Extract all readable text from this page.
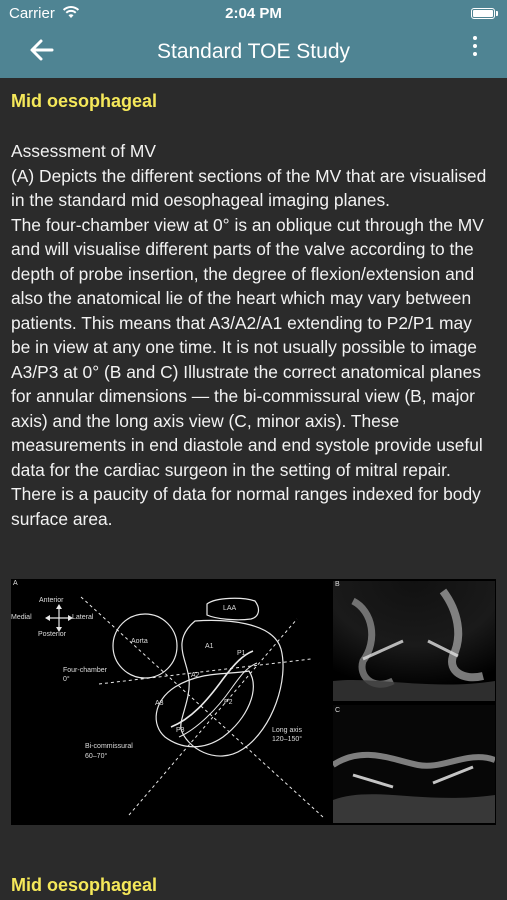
Carrier	2:04 PM
Standard TOE Study
Mid oesophageal

Assessment of MV

(A) Depicts the different sections of the MV that are visualised in the standard mid oesophageal imaging planes.

The four-chamber view at 0° is an oblique cut through the MV and will visualise different parts of the valve according to the depth of probe insertion, the degree of flexion/extension and also the anatomical lie of the heart which may vary between patients. This means that A3/A2/A1 extending to P2/P1 may be in view at any one time. It is not usually possible to image A3/P3 at 0° (B and C) Illustrate the correct anatomical planes for annular dimensions — the bi-commissural view (B, major axis) and the long axis view (C, minor axis). These measurements in end diastole and end systole provide useful data for the cardiac surgeon in the setting of mitral repair. There is a paucity of data for normal ranges indexed for body surface area.

A
Anterior
Medial	Lateral
Posterior
Aorta
LAA
A1
P1
A2
P2
A3
P3
Four-chamber
0°
Bi-commissural
60–70°
Long axis
120–150°
B
C
Mid oesophageal
